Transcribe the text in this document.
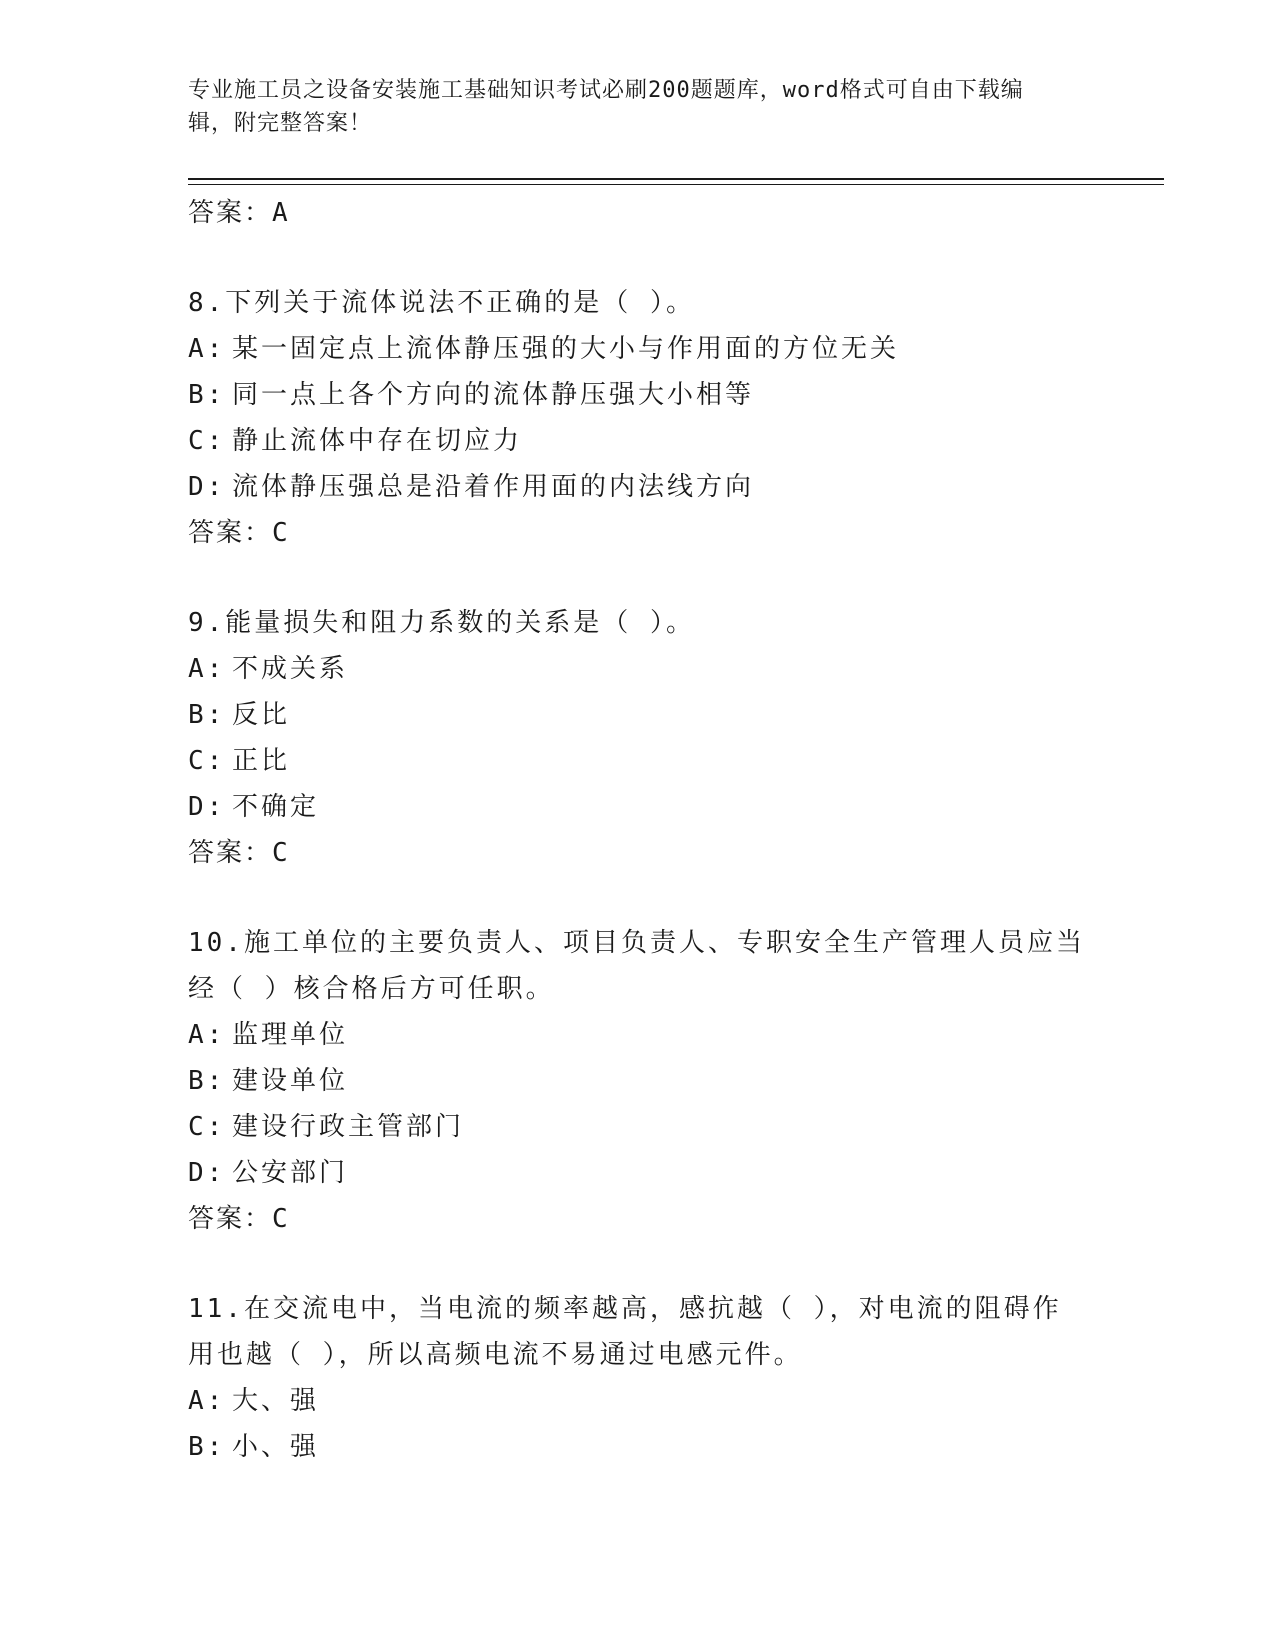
专业施工员之设备安装施工基础知识考试必刷200题题库，word格式可自由下载编辑，附完整答案！
答案：A
8.下列关于流体说法不正确的是（ ）。
A: 某一固定点上流体静压强的大小与作用面的方位无关
B: 同一点上各个方向的流体静压强大小相等
C: 静止流体中存在切应力
D: 流体静压强总是沿着作用面的内法线方向
答案：C
9.能量损失和阻力系数的关系是（ ）。
A: 不成关系
B: 反比
C: 正比
D: 不确定
答案：C
10.施工单位的主要负责人、项目负责人、专职安全生产管理人员应当经（ ）核合格后方可任职。
A: 监理单位
B: 建设单位
C: 建设行政主管部门
D: 公安部门
答案：C
11.在交流电中，当电流的频率越高，感抗越（ ），对电流的阻碍作用也越（ ），所以高频电流不易通过电感元件。
A: 大、强
B: 小、强
